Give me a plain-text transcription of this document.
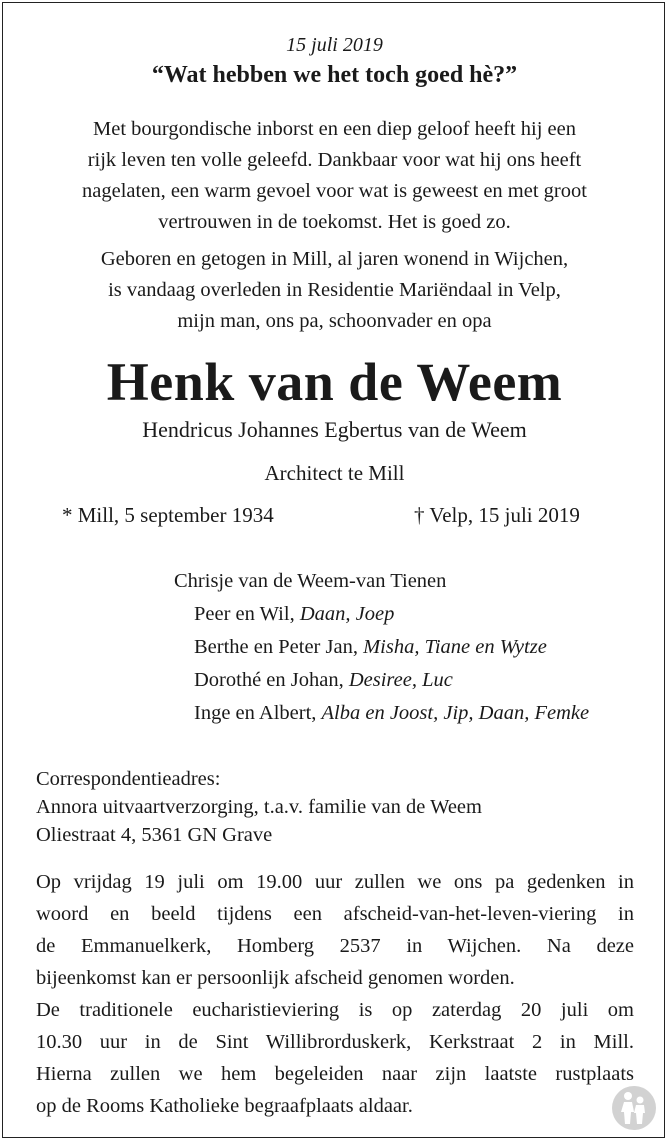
15 juli 2019
“Wat hebben we het toch goed hè?”
Met bourgondische inborst en een diep geloof heeft hij een
rijk leven ten volle geleefd. Dankbaar voor wat hij ons heeft
nagelaten, een warm gevoel voor wat is geweest en met groot
vertrouwen in de toekomst. Het is goed zo.
Geboren en getogen in Mill, al jaren wonend in Wijchen,
is vandaag overleden in Residentie Mariëndaal in Velp,
mijn man, ons pa, schoonvader en opa
Henk van de Weem
Hendricus Johannes Egbertus van de Weem
Architect te Mill
* Mill, 5 september 1934	† Velp, 15 juli 2019
Chrisje van de Weem-van Tienen
Peer en Wil, Daan, Joep
Berthe en Peter Jan, Misha, Tiane en Wytze
Dorothé en Johan, Desiree, Luc
Inge en Albert, Alba en Joost, Jip, Daan, Femke
Correspondentieadres:
Annora uitvaartverzorging, t.a.v. familie van de Weem
Oliestraat 4, 5361 GN Grave
Op vrijdag 19 juli om 19.00 uur zullen we ons pa gedenken in
woord en beeld tijdens een afscheid-van-het-leven-viering in
de Emmanuelkerk, Homberg 2537 in Wijchen. Na deze
bijeenkomst kan er persoonlijk afscheid genomen worden.
De traditionele eucharistieviering is op zaterdag 20 juli om
10.30 uur in de Sint Willibrorduskerk, Kerkstraat 2 in Mill.
Hierna zullen we hem begeleiden naar zijn laatste rustplaats
op de Rooms Katholieke begraafplaats aldaar.
